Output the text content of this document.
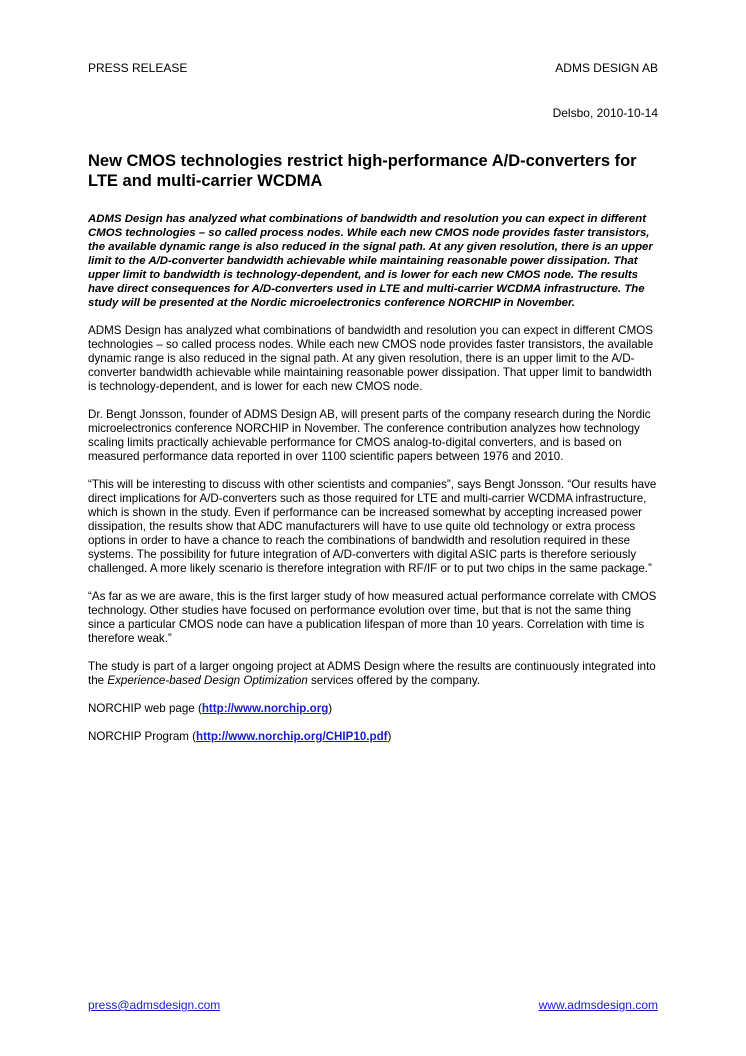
PRESS RELEASE	ADMS DESIGN AB
Delsbo, 2010-10-14
New CMOS technologies restrict high-performance A/D-converters for LTE and multi-carrier WCDMA

ADMS Design has analyzed what combinations of bandwidth and resolution you can expect in different CMOS technologies – so called process nodes. While each new CMOS node provides faster transistors, the available dynamic range is also reduced in the signal path. At any given resolution, there is an upper limit to the A/D-converter bandwidth achievable while maintaining reasonable power dissipation. That upper limit to bandwidth is technology-dependent, and is lower for each new CMOS node. The results have direct consequences for A/D-converters used in LTE and multi-carrier WCDMA infrastructure. The study will be presented at the Nordic microelectronics conference NORCHIP in November.

ADMS Design has analyzed what combinations of bandwidth and resolution you can expect in different CMOS technologies – so called process nodes. While each new CMOS node provides faster transistors, the available dynamic range is also reduced in the signal path. At any given resolution, there is an upper limit to the A/D-converter bandwidth achievable while maintaining reasonable power dissipation. That upper limit to bandwidth is technology-dependent, and is lower for each new CMOS node.

Dr. Bengt Jonsson, founder of ADMS Design AB, will present parts of the company research during the Nordic microelectronics conference NORCHIP in November. The conference contribution analyzes how technology scaling limits practically achievable performance for CMOS analog-to-digital converters, and is based on measured performance data reported in over 1100 scientific papers between 1976 and 2010.

“This will be interesting to discuss with other scientists and companies”, says Bengt Jonsson. “Our results have direct implications for A/D-converters such as those required for LTE and multi-carrier WCDMA infrastructure, which is shown in the study. Even if performance can be increased somewhat by accepting increased power dissipation, the results show that ADC manufacturers will have to use quite old technology or extra process options in order to have a chance to reach the combinations of bandwidth and resolution required in these systems. The possibility for future integration of A/D-converters with digital ASIC parts is therefore seriously challenged. A more likely scenario is therefore integration with RF/IF or to put two chips in the same package.”

“As far as we are aware, this is the first larger study of how measured actual performance correlate with CMOS technology. Other studies have focused on performance evolution over time, but that is not the same thing since a particular CMOS node can have a publication lifespan of more than 10 years. Correlation with time is therefore weak.”

The study is part of a larger ongoing project at ADMS Design where the results are continuously integrated into the Experience-based Design Optimization services offered by the company.

NORCHIP web page (http://www.norchip.org)

NORCHIP Program (http://www.norchip.org/CHIP10.pdf)

press@admsdesign.com	www.admsdesign.com
